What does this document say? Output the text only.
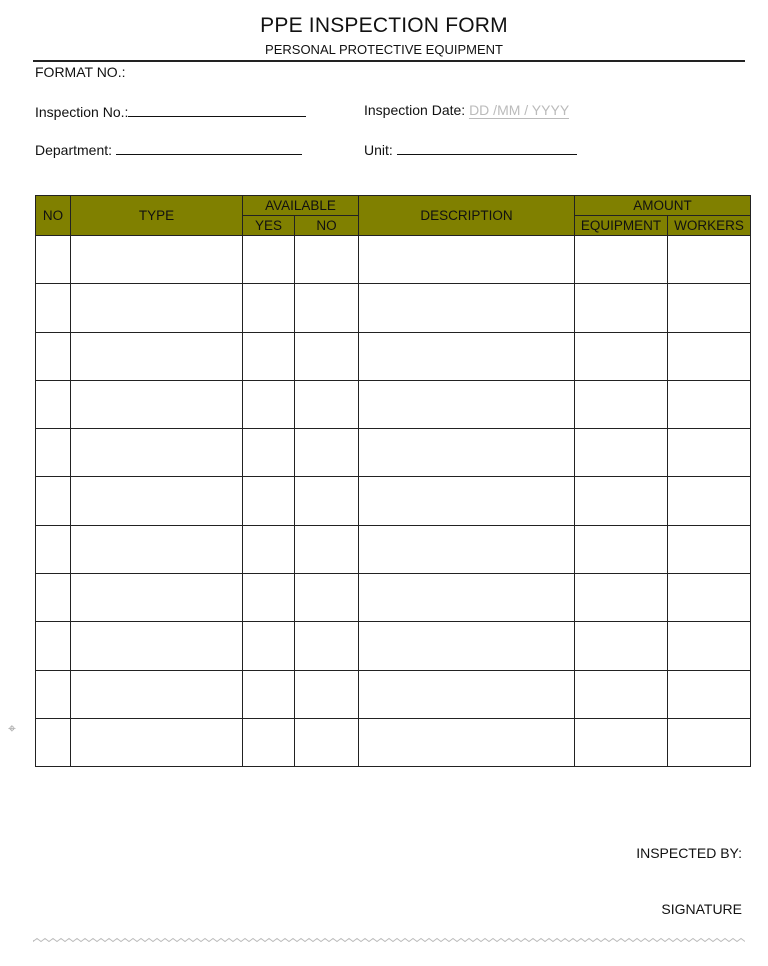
PPE INSPECTION FORM
PERSONAL PROTECTIVE EQUIPMENT
FORMAT NO.:
Inspection No.:	Inspection Date: DD /MM / YYYY
Department:	Unit:
NO	TYPE	AVAILABLE		DESCRIPTION	AMOUNT	
		YES	NO		EQUIPMENT	WORKERS

⌖
INSPECTED BY:
SIGNATURE
